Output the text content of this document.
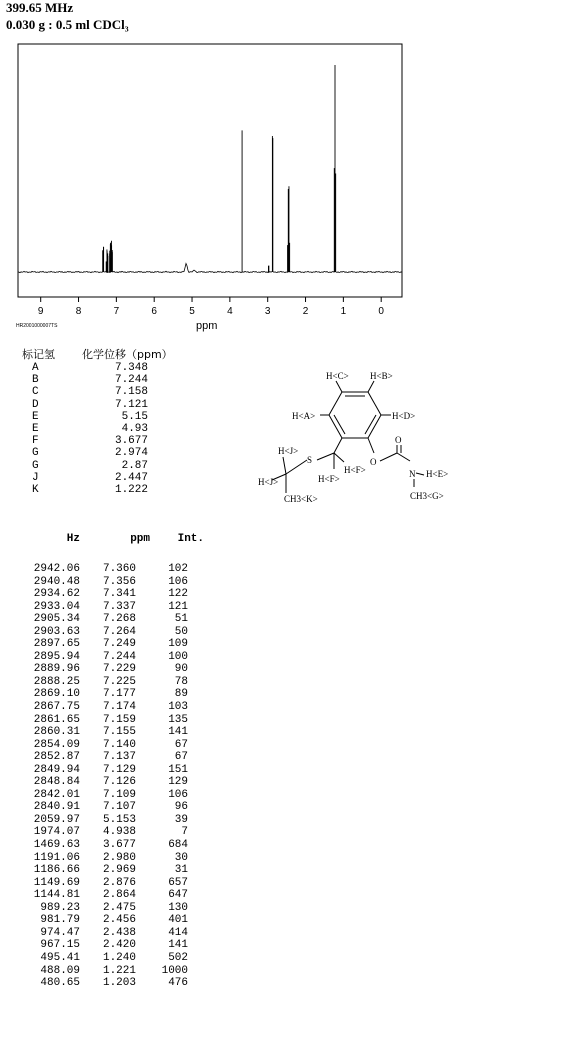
399.65 MHz
0.030 g : 0.5 ml CDCl₃
9	8	7	6	5	4	3	2	1	0
HR2001000007TS	ppm
标记氢	化学位移（ppm）
A	7.348
B	7.244
C	7.158
D	7.121
E	5.15
E	4.93
F	3.677
G	2.974
G	2.87
J	2.447
K	1.222
H<C> H<B>
H<A>	H<D>
H<J>
H<J>
S
H<F>
H<F>
CH3<K>
O
O
N H<E>
CH3<G>
Hz	ppm	Int.
2942.06	7.360	102
2940.48	7.356	106
2934.62	7.341	122
2933.04	7.337	121
2905.34	7.268	51
2903.63	7.264	50
2897.65	7.249	109
2895.94	7.244	100
2889.96	7.229	90
2888.25	7.225	78
2869.10	7.177	89
2867.75	7.174	103
2861.65	7.159	135
2860.31	7.155	141
2854.09	7.140	67
2852.87	7.137	67
2849.94	7.129	151
2848.84	7.126	129
2842.01	7.109	106
2840.91	7.107	96
2059.97	5.153	39
1974.07	4.938	7
1469.63	3.677	684
1191.06	2.980	30
1186.66	2.969	31
1149.69	2.876	657
1144.81	2.864	647
989.23	2.475	130
981.79	2.456	401
974.47	2.438	414
967.15	2.420	141
495.41	1.240	502
488.09	1.221	1000
480.65	1.203	476
